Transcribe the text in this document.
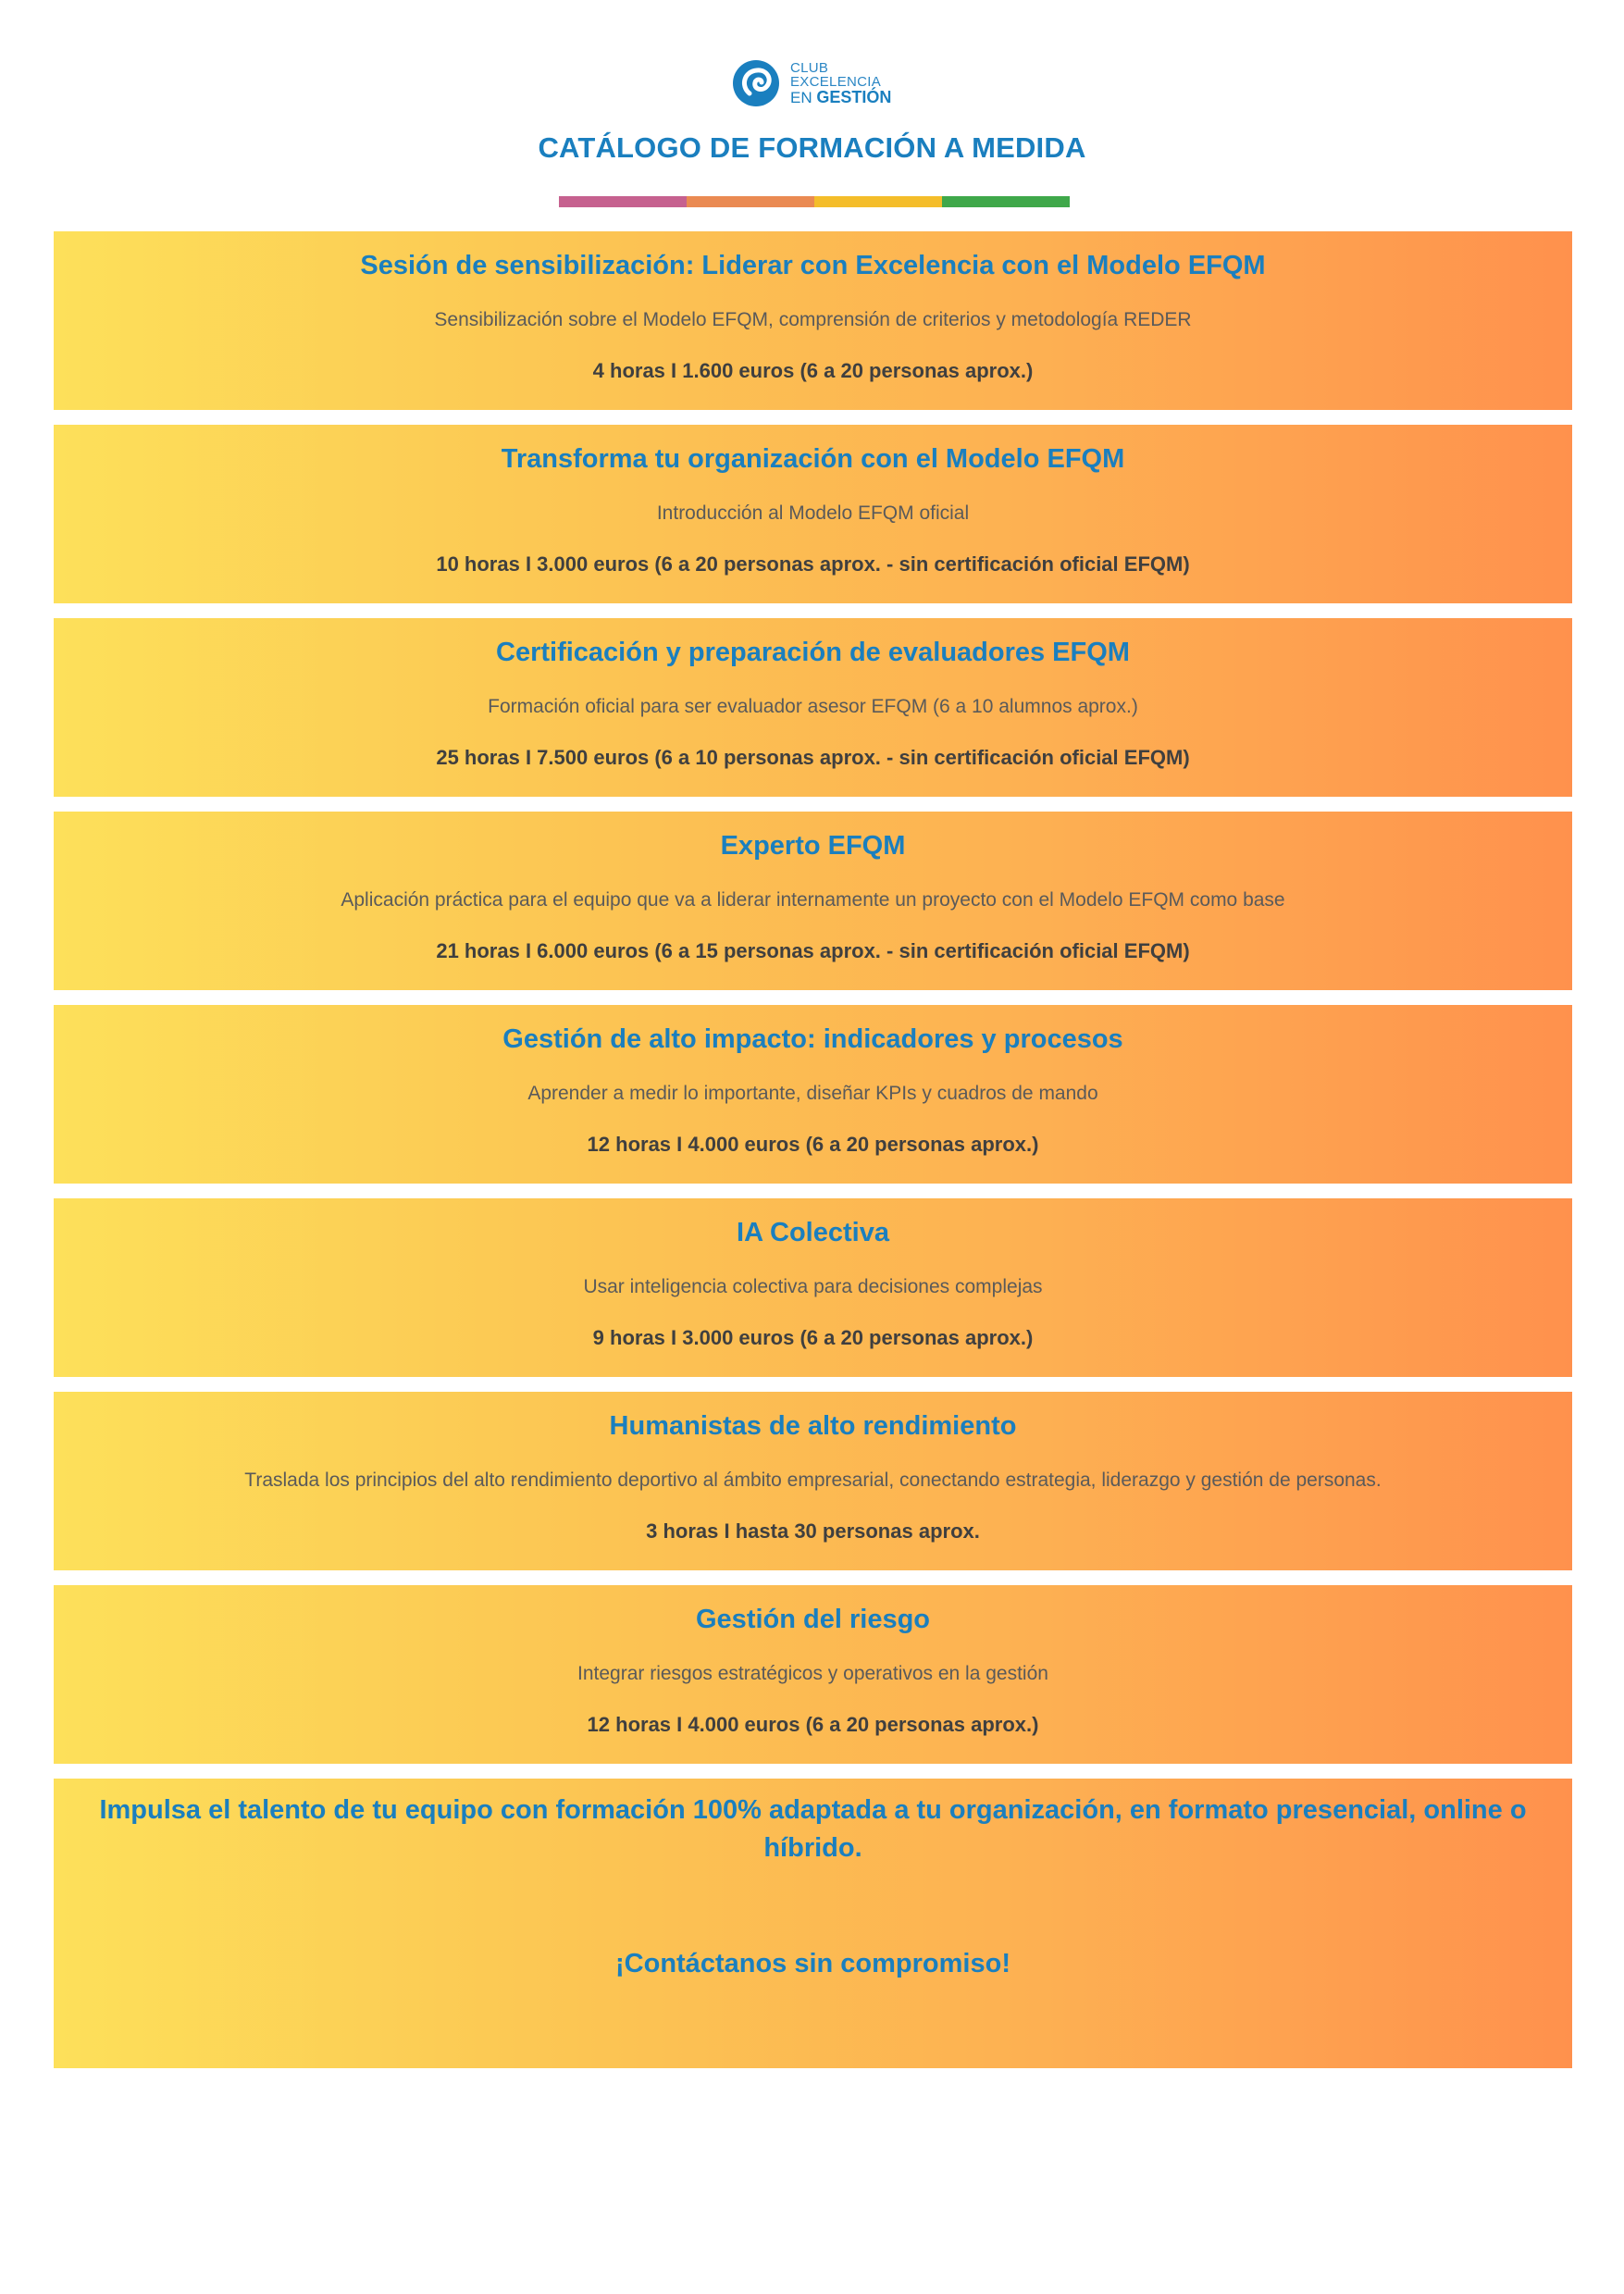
CLUB
EXCELENCIA
EN GESTIÓN
CATÁLOGO DE FORMACIÓN A MEDIDA
Sesión de sensibilización: Liderar con Excelencia con el Modelo EFQM
Sensibilización sobre el Modelo EFQM, comprensión de criterios y metodología REDER
4 horas I 1.600 euros (6 a 20 personas aprox.)
Transforma tu organización con el Modelo EFQM
Introducción al Modelo EFQM oficial
10 horas I 3.000 euros (6 a 20 personas aprox. - sin certificación oficial EFQM)
Certificación y preparación de evaluadores EFQM
Formación oficial para ser evaluador asesor EFQM (6 a 10 alumnos aprox.)
25 horas I 7.500 euros (6 a 10 personas aprox. - sin certificación oficial EFQM)
Experto EFQM
Aplicación práctica para el equipo que va a liderar internamente un proyecto con el Modelo EFQM como base
21 horas I 6.000 euros (6 a 15 personas aprox. - sin certificación oficial EFQM)
Gestión de alto impacto: indicadores y procesos
Aprender a medir lo importante, diseñar KPIs y cuadros de mando
12 horas I 4.000 euros (6 a 20 personas aprox.)
IA Colectiva
Usar inteligencia colectiva para decisiones complejas
9 horas I 3.000 euros (6 a 20 personas aprox.)
Humanistas de alto rendimiento
Traslada los principios del alto rendimiento deportivo al ámbito empresarial, conectando estrategia, liderazgo y gestión de personas.
3 horas I hasta 30 personas aprox.
Gestión del riesgo
Integrar riesgos estratégicos y operativos en la gestión
12 horas I 4.000 euros (6 a 20 personas aprox.)
Impulsa el talento de tu equipo con formación 100% adaptada a tu organización, en formato presencial, online o híbrido.
¡Contáctanos sin compromiso!
